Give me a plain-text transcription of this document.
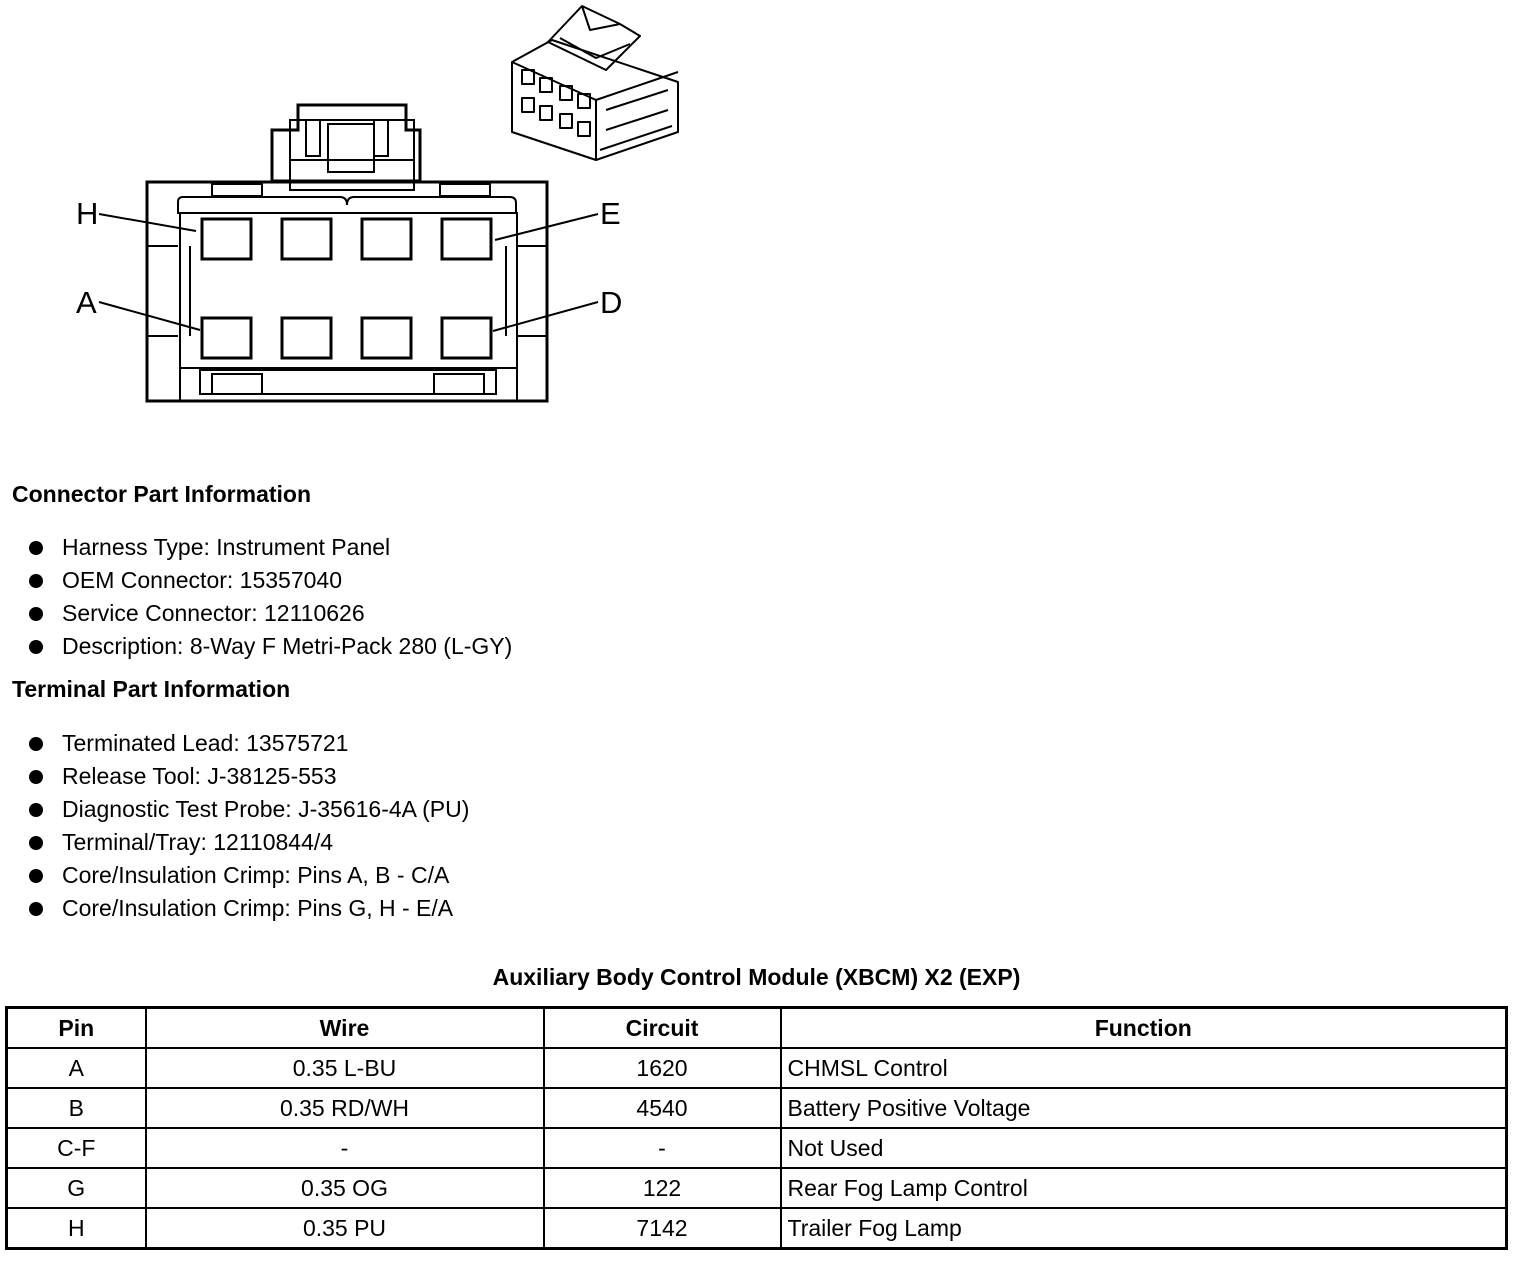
H	E
A	D
Connector Part Information
Harness Type: Instrument Panel
OEM Connector: 15357040
Service Connector: 12110626
Description: 8-Way F Metri-Pack 280 (L-GY)
Terminal Part Information
Terminated Lead: 13575721
Release Tool: J-38125-553
Diagnostic Test Probe: J-35616-4A (PU)
Terminal/Tray: 12110844/4
Core/Insulation Crimp: Pins A, B - C/A
Core/Insulation Crimp: Pins G, H - E/A
Auxiliary Body Control Module (XBCM) X2 (EXP)
Pin	Wire	Circuit	Function
A	0.35 L-BU	1620	CHMSL Control
B	0.35 RD/WH	4540	Battery Positive Voltage
C-F	-	-	Not Used
G	0.35 OG	122	Rear Fog Lamp Control
H	0.35 PU	7142	Trailer Fog Lamp
